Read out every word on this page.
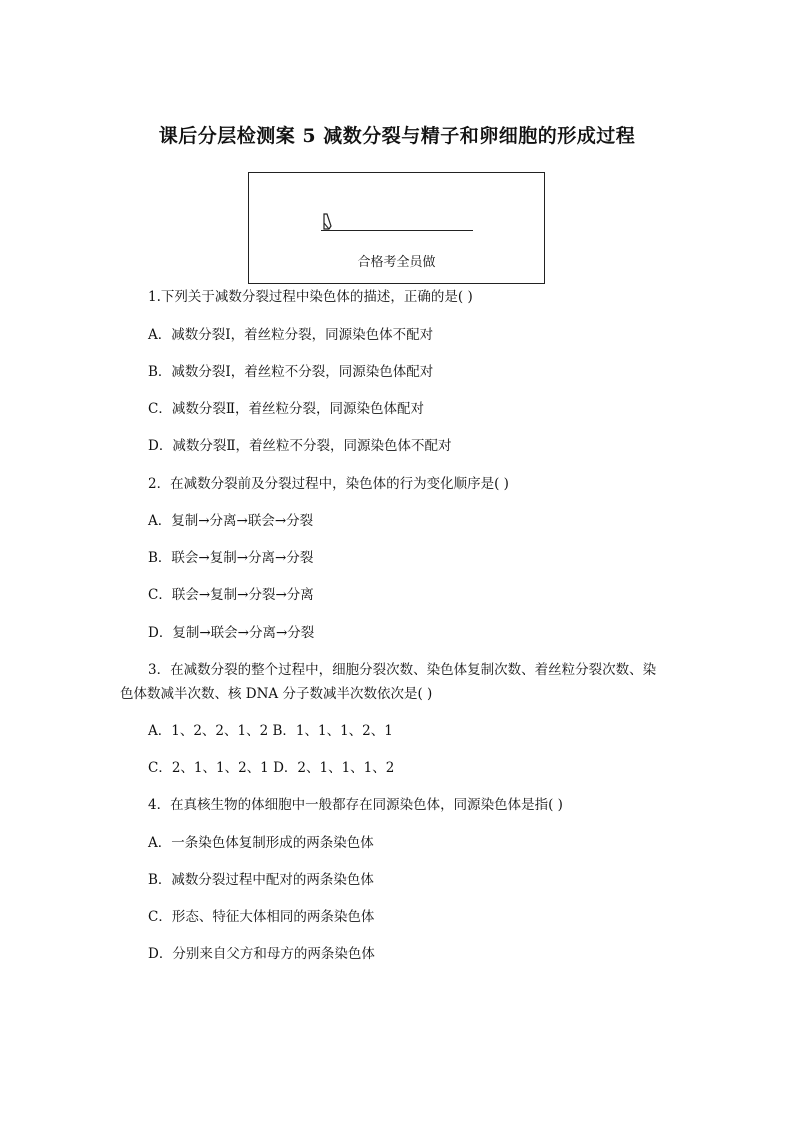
课后分层检测案 5 减数分裂与精子和卵细胞的形成过程
合格考全员做
1.下列关于减数分裂过程中染色体的描述，正确的是( )
A．减数分裂Ⅰ，着丝粒分裂，同源染色体不配对
B．减数分裂Ⅰ，着丝粒不分裂，同源染色体配对
C．减数分裂Ⅱ，着丝粒分裂，同源染色体配对
D．减数分裂Ⅱ，着丝粒不分裂，同源染色体不配对
2．在减数分裂前及分裂过程中，染色体的行为变化顺序是( )
A．复制→分离→联会→分裂
B．联会→复制→分离→分裂
C．联会→复制→分裂→分离
D．复制→联会→分离→分裂
3．在减数分裂的整个过程中，细胞分裂次数、染色体复制次数、着丝粒分裂次数、染
色体数减半次数、核 DNA 分子数减半次数依次是( )
A．1、2、2、1、2 B．1、1、1、2、1
C．2、1、1、2、1 D．2、1、1、1、2
4．在真核生物的体细胞中一般都存在同源染色体，同源染色体是指( )
A．一条染色体复制形成的两条染色体
B．减数分裂过程中配对的两条染色体
C．形态、特征大体相同的两条染色体
D．分别来自父方和母方的两条染色体
